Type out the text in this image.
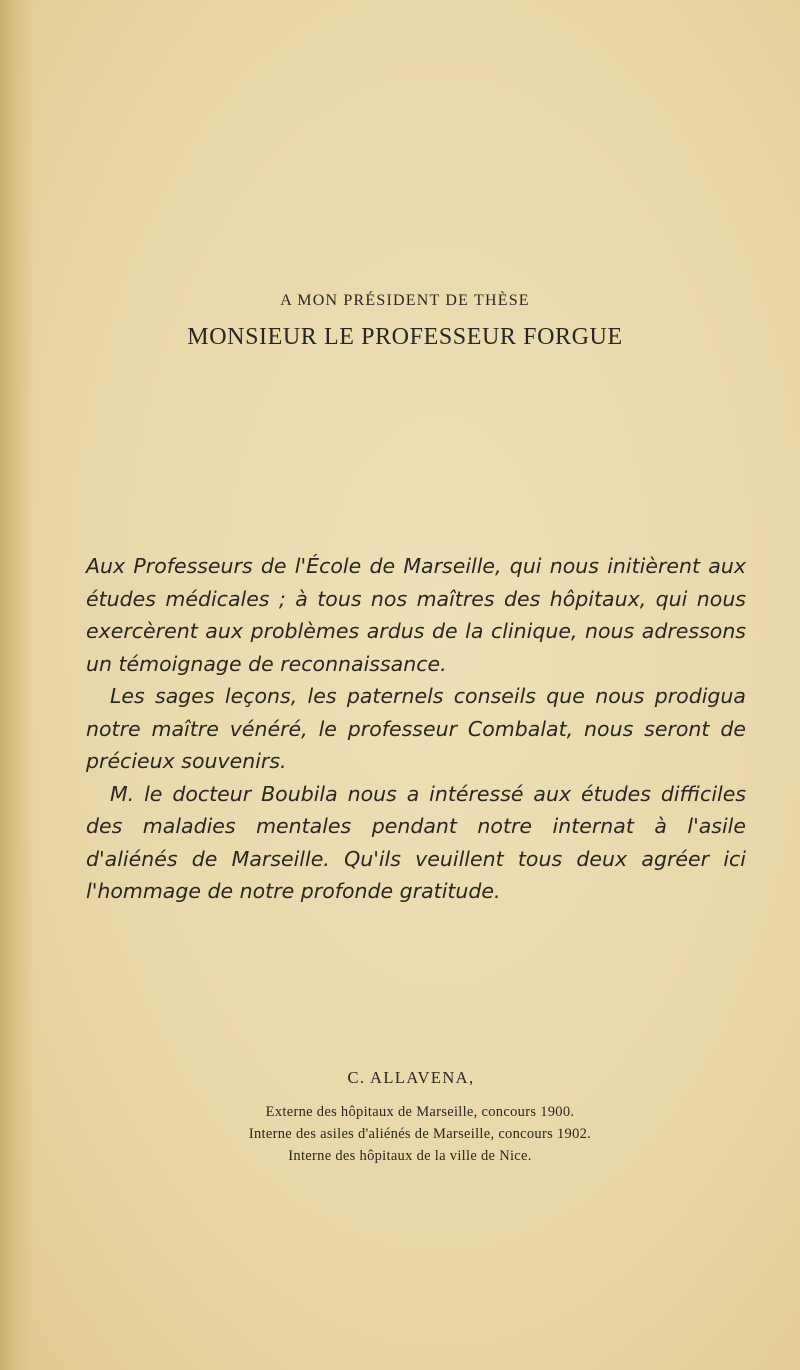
A MON PRÉSIDENT DE THÈSE
MONSIEUR LE PROFESSEUR FORGUE

Aux Professeurs de l'École de Marseille, qui nous initièrent aux études médicales ; à tous nos maîtres des hôpitaux, qui nous exercèrent aux problèmes ardus de la clinique, nous adressons un témoignage de reconnaissance.

Les sages leçons, les paternels conseils que nous prodigua notre maître vénéré, le professeur Combalat, nous seront de précieux souvenirs.

M. le docteur Boubila nous a intéressé aux études difficiles des maladies mentales pendant notre internat à l'asile d'aliénés de Marseille. Qu'ils veuillent tous deux agréer ici l'hommage de notre profonde gratitude.

C. ALLAVENA,
Externe des hôpitaux de Marseille, concours 1900.
Interne des asiles d'aliénés de Marseille, concours 1902.
Interne des hôpitaux de la ville de Nice.
